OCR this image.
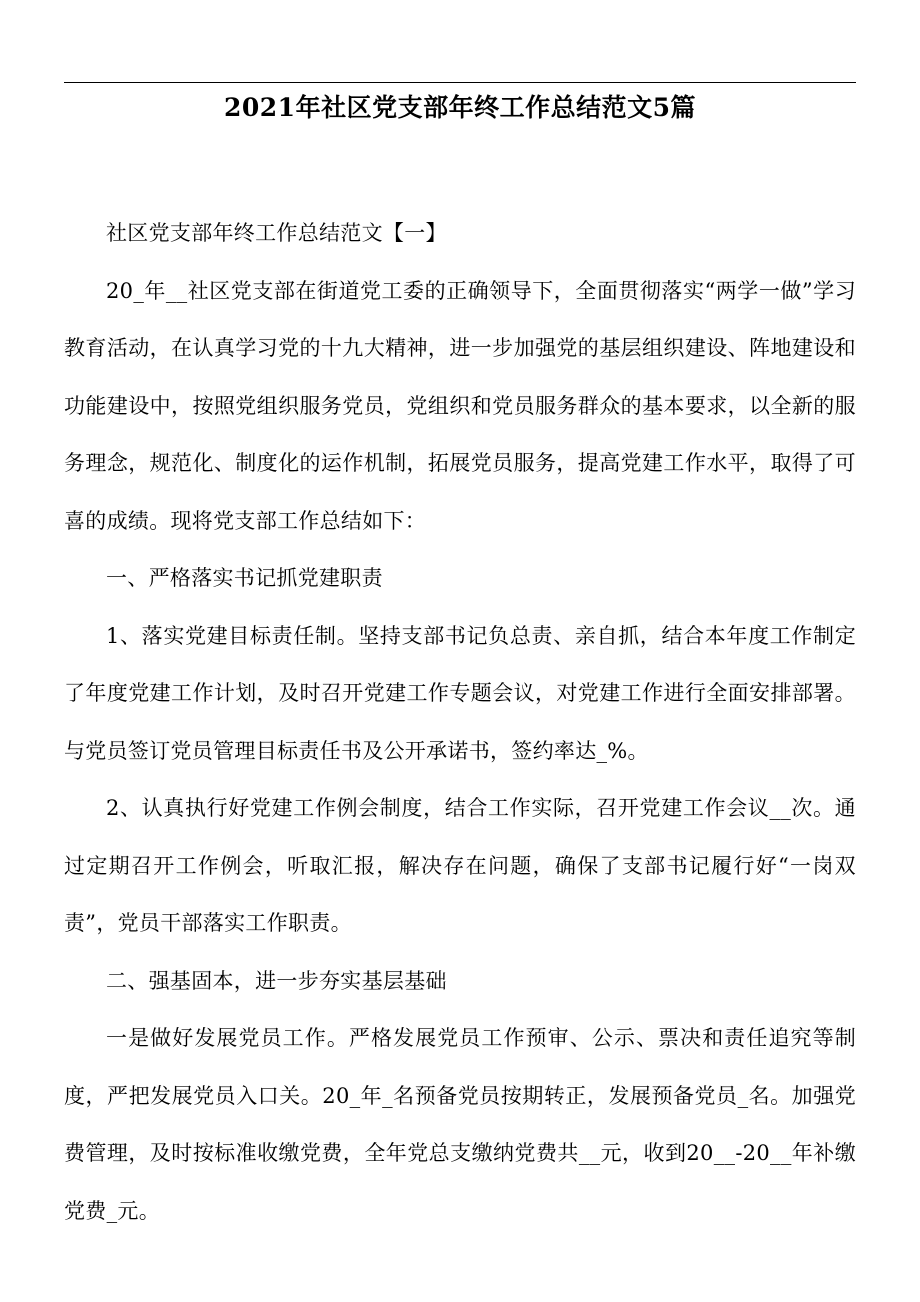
2021年社区党支部年终工作总结范文5篇

社区党支部年终工作总结范文【一】

20_年__社区党支部在街道党工委的正确领导下，全面贯彻落实“两学一做”学习教育活动，在认真学习党的十九大精神，进一步加强党的基层组织建设、阵地建设和功能建设中，按照党组织服务党员，党组织和党员服务群众的基本要求，以全新的服务理念，规范化、制度化的运作机制，拓展党员服务，提高党建工作水平，取得了可喜的成绩。现将党支部工作总结如下：

一、严格落实书记抓党建职责

1、落实党建目标责任制。坚持支部书记负总责、亲自抓，结合本年度工作制定了年度党建工作计划，及时召开党建工作专题会议，对党建工作进行全面安排部署。与党员签订党员管理目标责任书及公开承诺书，签约率达_%。

2、认真执行好党建工作例会制度，结合工作实际，召开党建工作会议__次。通过定期召开工作例会，听取汇报，解决存在问题，确保了支部书记履行好“一岗双责”，党员干部落实工作职责。

二、强基固本，进一步夯实基层基础

一是做好发展党员工作。严格发展党员工作预审、公示、票决和责任追究等制度，严把发展党员入口关。20_年_名预备党员按期转正，发展预备党员_名。加强党费管理，及时按标准收缴党费，全年党总支缴纳党费共__元，收到20__-20__年补缴党费_元。
